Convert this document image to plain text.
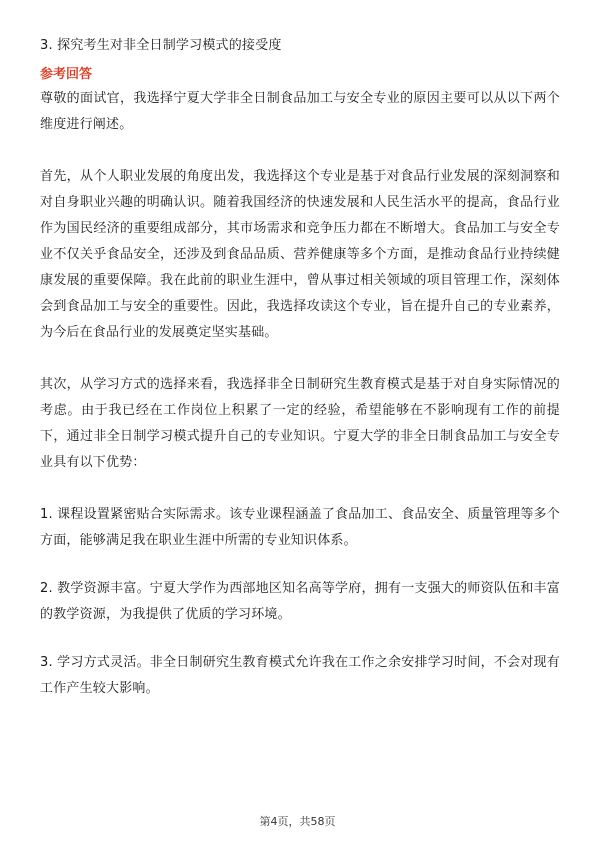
3. 探究考生对非全日制学习模式的接受度

参考回答

尊敬的面试官，我选择宁夏大学非全日制食品加工与安全专业的原因主要可以从以下两个维度进行阐述。

首先，从个人职业发展的角度出发，我选择这个专业是基于对食品行业发展的深刻洞察和对自身职业兴趣的明确认识。随着我国经济的快速发展和人民生活水平的提高，食品行业作为国民经济的重要组成部分，其市场需求和竞争压力都在不断增大。食品加工与安全专业不仅关乎食品安全，还涉及到食品品质、营养健康等多个方面，是推动食品行业持续健康发展的重要保障。我在此前的职业生涯中，曾从事过相关领域的项目管理工作，深刻体会到食品加工与安全的重要性。因此，我选择攻读这个专业，旨在提升自己的专业素养，为今后在食品行业的发展奠定坚实基础。

其次，从学习方式的选择来看，我选择非全日制研究生教育模式是基于对自身实际情况的考虑。由于我已经在工作岗位上积累了一定的经验，希望能够在不影响现有工作的前提下，通过非全日制学习模式提升自己的专业知识。宁夏大学的非全日制食品加工与安全专业具有以下优势：

1. 课程设置紧密贴合实际需求。该专业课程涵盖了食品加工、食品安全、质量管理等多个方面，能够满足我在职业生涯中所需的专业知识体系。

2. 教学资源丰富。宁夏大学作为西部地区知名高等学府，拥有一支强大的师资队伍和丰富的教学资源，为我提供了优质的学习环境。

3. 学习方式灵活。非全日制研究生教育模式允许我在工作之余安排学习时间，不会对现有工作产生较大影响。

第4页，共58页
